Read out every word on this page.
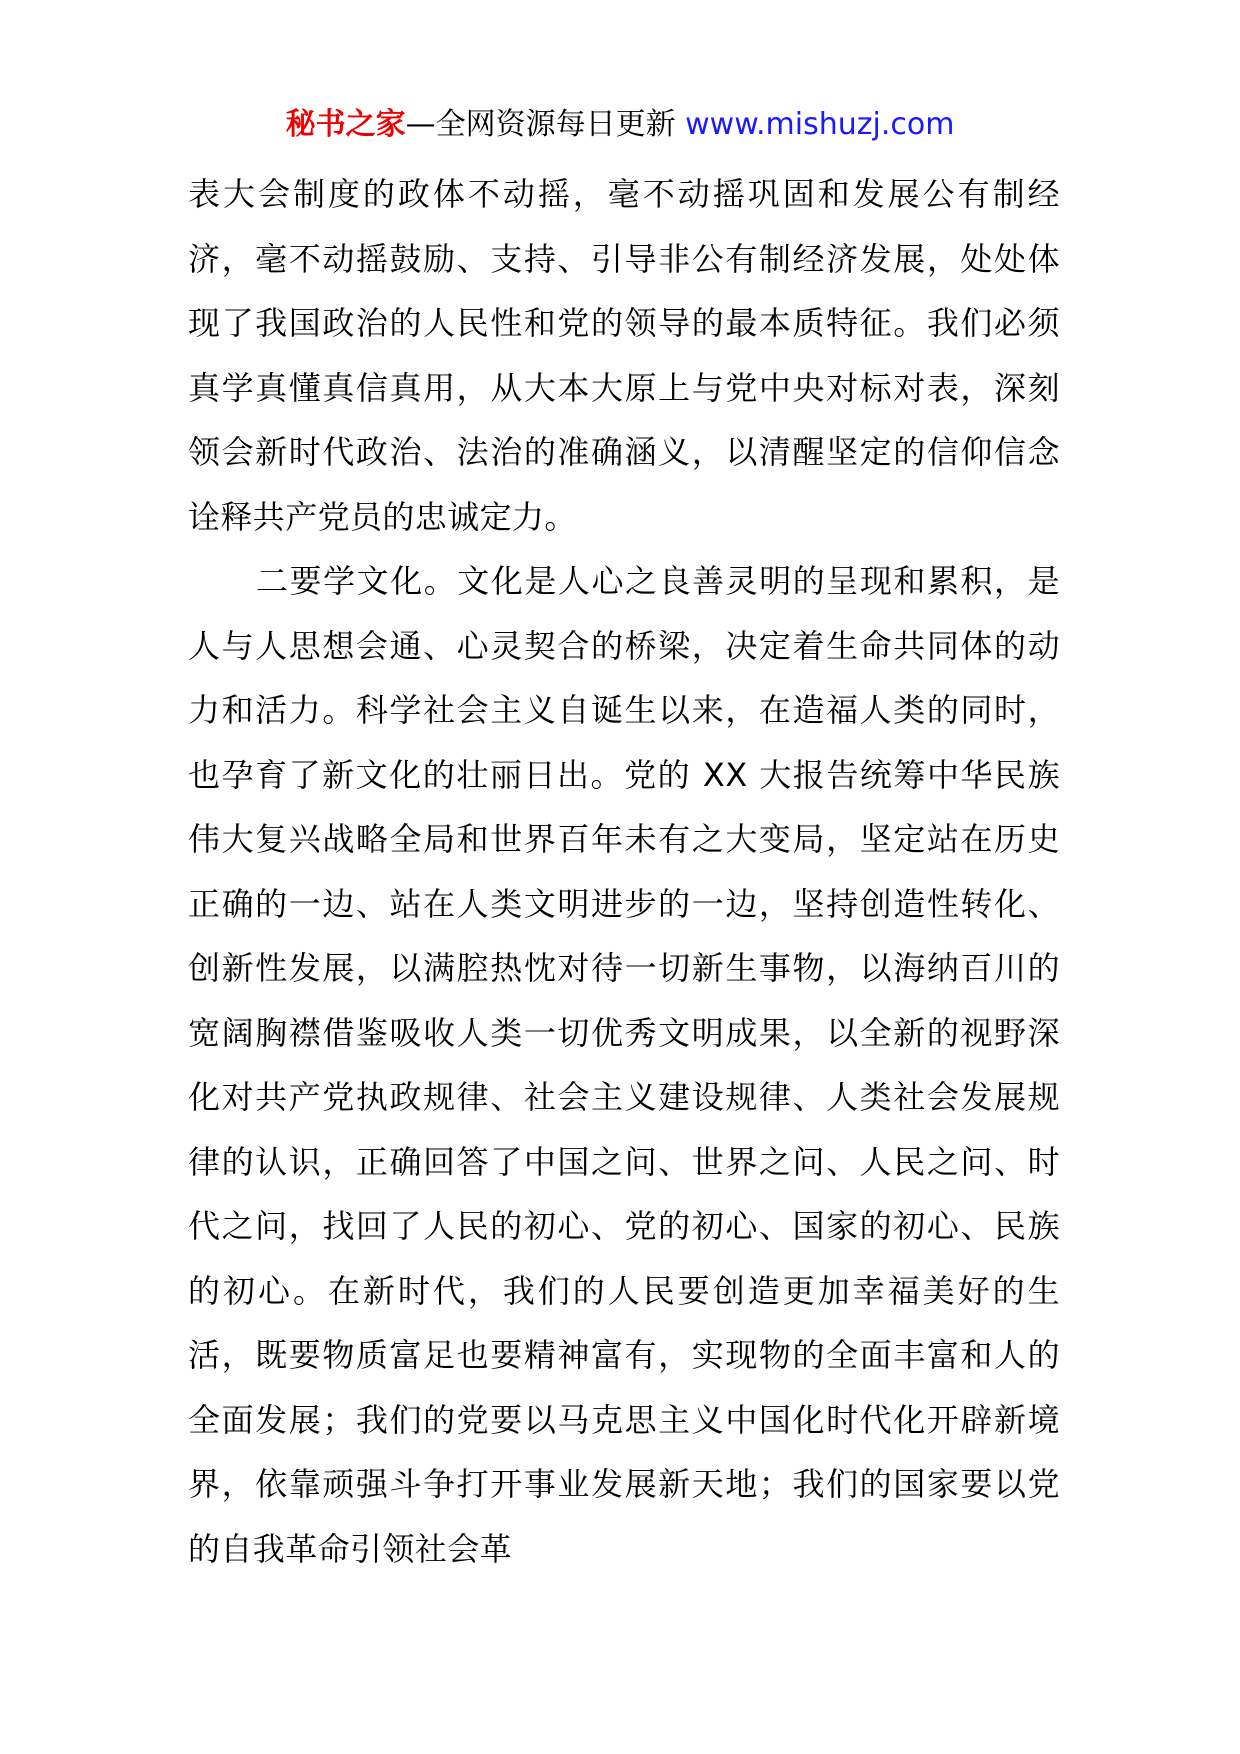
秘书之家—全网资源每日更新 www.mishuzj.com

表大会制度的政体不动摇，毫不动摇巩固和发展公有制经济，毫不动摇鼓励、支持、引导非公有制经济发展，处处体现了我国政治的人民性和党的领导的最本质特征。我们必须真学真懂真信真用，从大本大原上与党中央对标对表，深刻领会新时代政治、法治的准确涵义，以清醒坚定的信仰信念诠释共产党员的忠诚定力。

二要学文化。文化是人心之良善灵明的呈现和累积，是人与人思想会通、心灵契合的桥梁，决定着生命共同体的动力和活力。科学社会主义自诞生以来，在造福人类的同时，也孕育了新文化的壮丽日出。党的 XX 大报告统筹中华民族伟大复兴战略全局和世界百年未有之大变局，坚定站在历史正确的一边、站在人类文明进步的一边，坚持创造性转化、创新性发展，以满腔热忱对待一切新生事物，以海纳百川的宽阔胸襟借鉴吸收人类一切优秀文明成果，以全新的视野深化对共产党执政规律、社会主义建设规律、人类社会发展规律的认识，正确回答了中国之问、世界之问、人民之问、时代之问，找回了人民的初心、党的初心、国家的初心、民族的初心。在新时代，我们的人民要创造更加幸福美好的生活，既要物质富足也要精神富有，实现物的全面丰富和人的全面发展；我们的党要以马克思主义中国化时代化开辟新境界，依靠顽强斗争打开事业发展新天地；我们的国家要以党的自我革命引领社会革
